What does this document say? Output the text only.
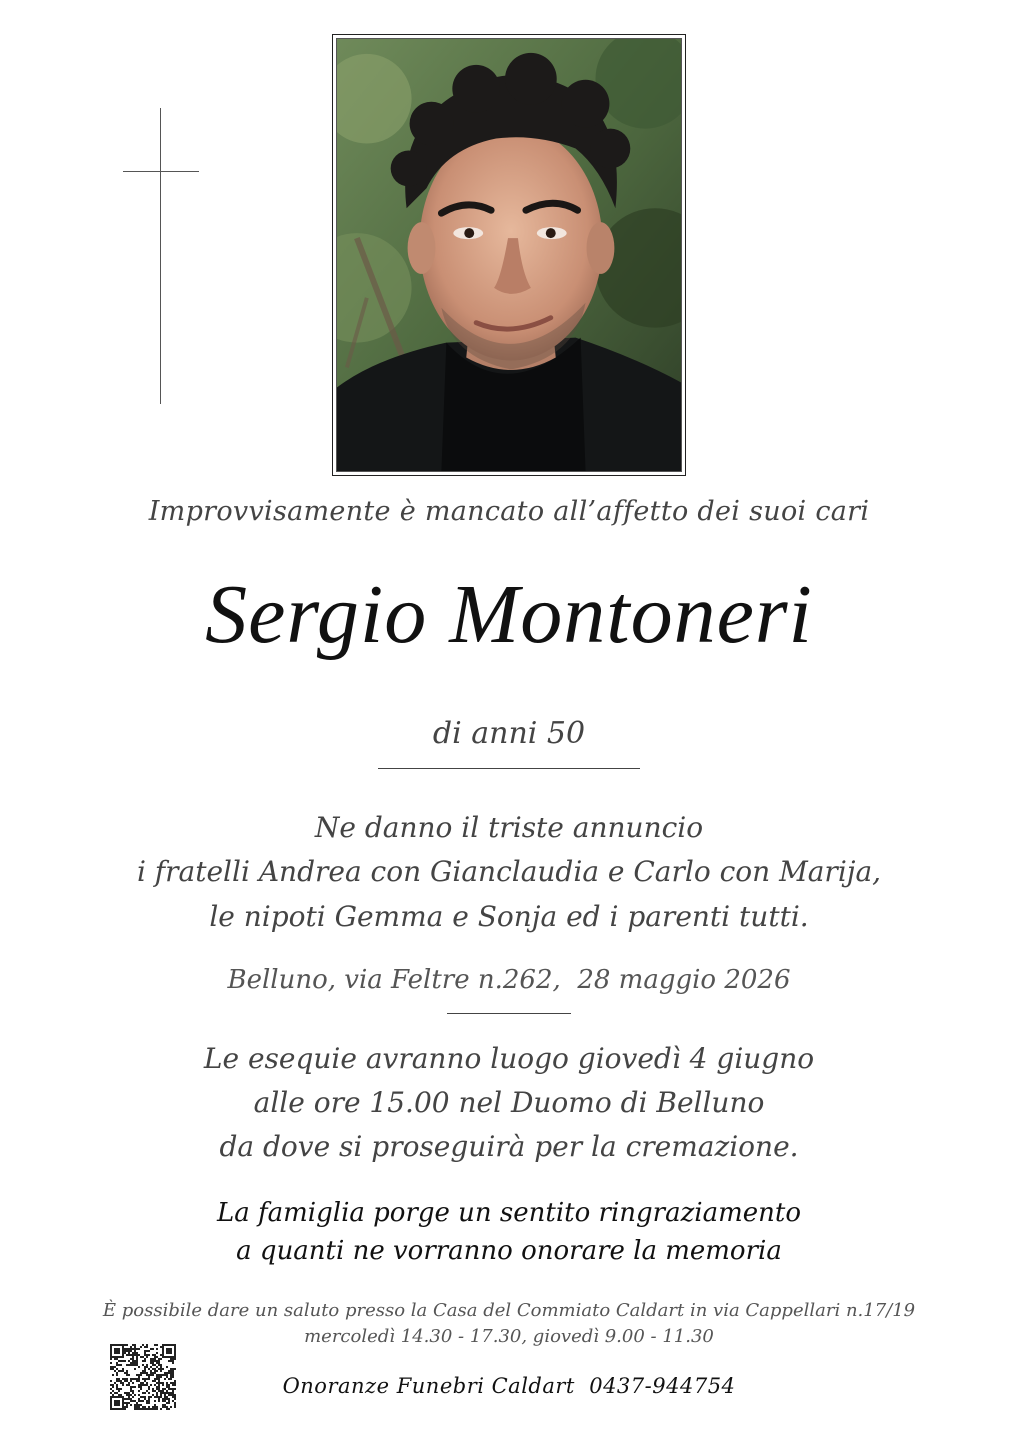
Improvvisamente è mancato all’affetto dei suoi cari
Sergio Montoneri
di anni 50
Ne danno il triste annuncio
i fratelli Andrea con Gianclaudia e Carlo con Marija,
le nipoti Gemma e Sonja ed i parenti tutti.
Belluno, via Feltre n.262,  28 maggio 2026
Le esequie avranno luogo giovedì 4 giugno
alle ore 15.00 nel Duomo di Belluno
da dove si proseguirà per la cremazione.
La famiglia porge un sentito ringraziamento
a quanti ne vorranno onorare la memoria
È possibile dare un saluto presso la Casa del Commiato Caldart in via Cappellari n.17/19
mercoledì 14.30 - 17.30, giovedì 9.00 - 11.30
Onoranze Funebri Caldart  0437-944754
